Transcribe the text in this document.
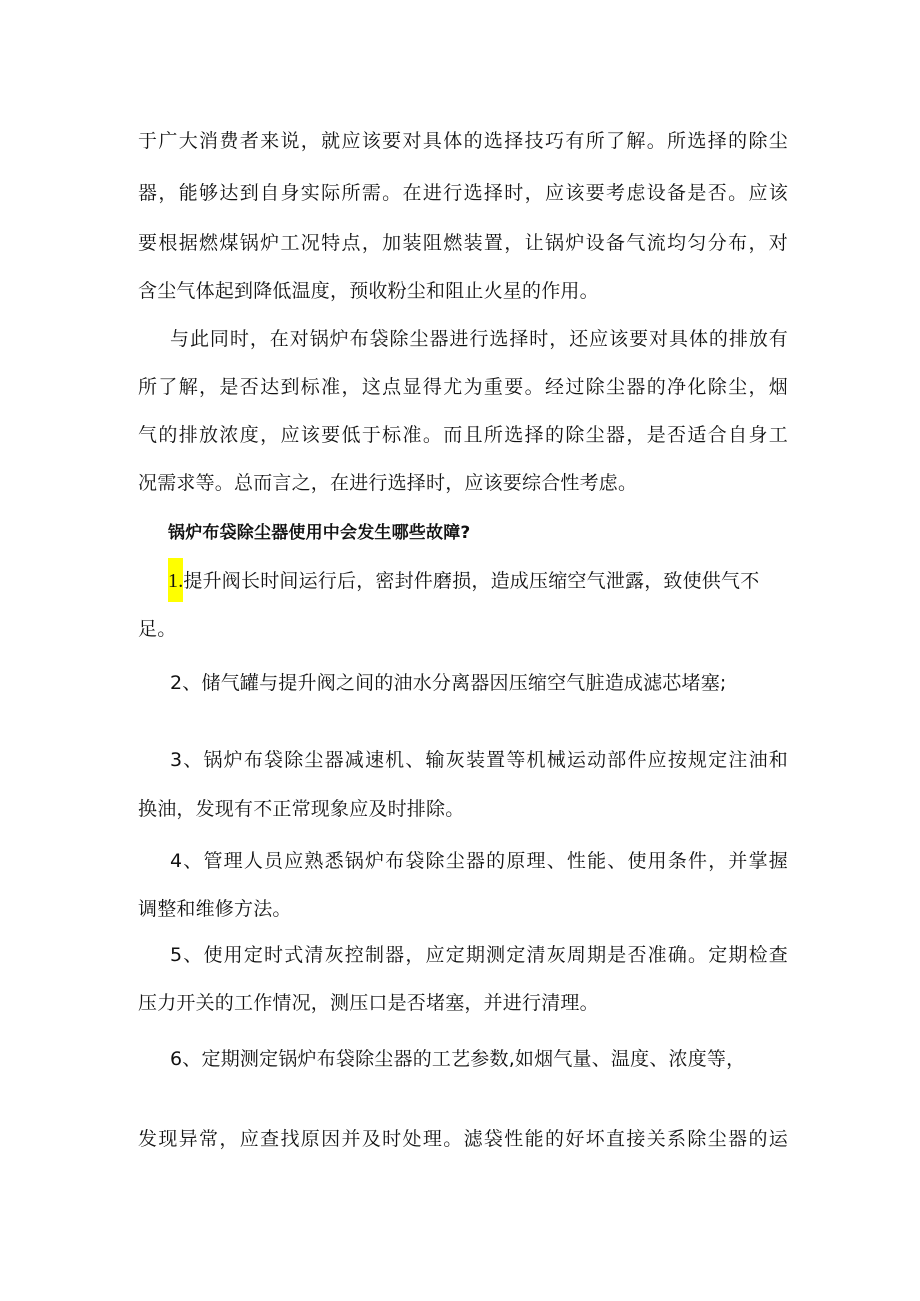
于广大消费者来说，就应该要对具体的选择技巧有所了解。所选择的除尘
器，能够达到自身实际所需。在进行选择时，应该要考虑设备是否。应该
要根据燃煤锅炉工况特点，加装阻燃装置，让锅炉设备气流均匀分布，对
含尘气体起到降低温度，预收粉尘和阻止火星的作用。
与此同时，在对锅炉布袋除尘器进行选择时，还应该要对具体的排放有
所了解，是否达到标准，这点显得尤为重要。经过除尘器的净化除尘，烟
气的排放浓度，应该要低于标准。而且所选择的除尘器，是否适合自身工
况需求等。总而言之，在进行选择时，应该要综合性考虑。
锅炉布袋除尘器使用中会发生哪些故障?
1.提升阀长时间运行后，密封件磨损，造成压缩空气泄露，致使供气不
足。
2、储气罐与提升阀之间的油水分离器因压缩空气脏造成滤芯堵塞;
3、锅炉布袋除尘器减速机、输灰装置等机械运动部件应按规定注油和
换油，发现有不正常现象应及时排除。
4、管理人员应熟悉锅炉布袋除尘器的原理、性能、使用条件，并掌握
调整和维修方法。
5、使用定时式清灰控制器，应定期测定清灰周期是否准确。定期检查
压力开关的工作情况，测压口是否堵塞，并进行清理。
6、定期测定锅炉布袋除尘器的工艺参数,如烟气量、温度、浓度等，
发现异常，应查找原因并及时处理。滤袋性能的好坏直接关系除尘器的运
